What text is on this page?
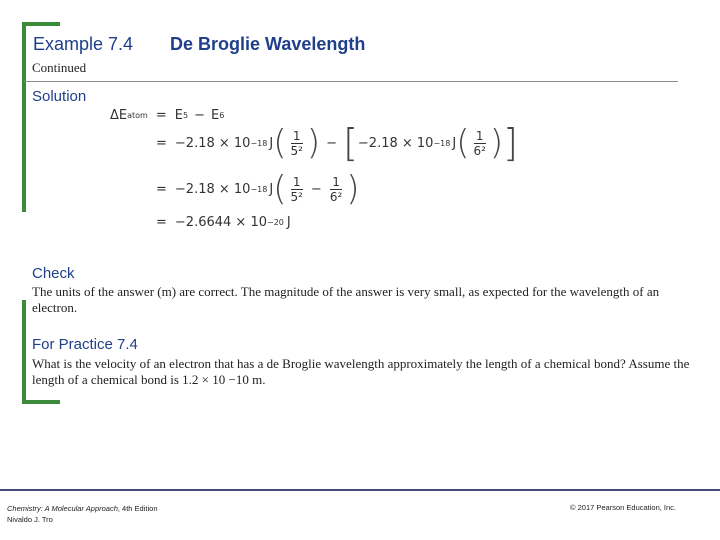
Example 7.4 De Broglie Wavelength
Continued
Solution
ΔE atom = E 5 − E 6
= −2.18 × 10 −18 J ( $\frac{1}{\text{5²}}$ ) − [ −2.18 × 10 −18 J ( $\frac{1}{\text{6²}}$ ) ]
= −2.18 × 10 −18 J ( $\frac{1}{\text{5²}} - \frac{1}{\text{6²}}$ )
= −2.6644 × 10 −20 J
Check
The units of the answer (m) are correct. The magnitude of the answer is very small, as expected for the wavelength of an electron.
For Practice 7.4
What is the velocity of an electron that has a de Broglie wavelength approximately the length of a chemical bond? Assume the length of a chemical bond is 1.2 × 10 −10 m.
Chemistry: A Molecular Approach, 4th Edition
Nivaldo J. Tro
© 2017 Pearson Education, Inc.
